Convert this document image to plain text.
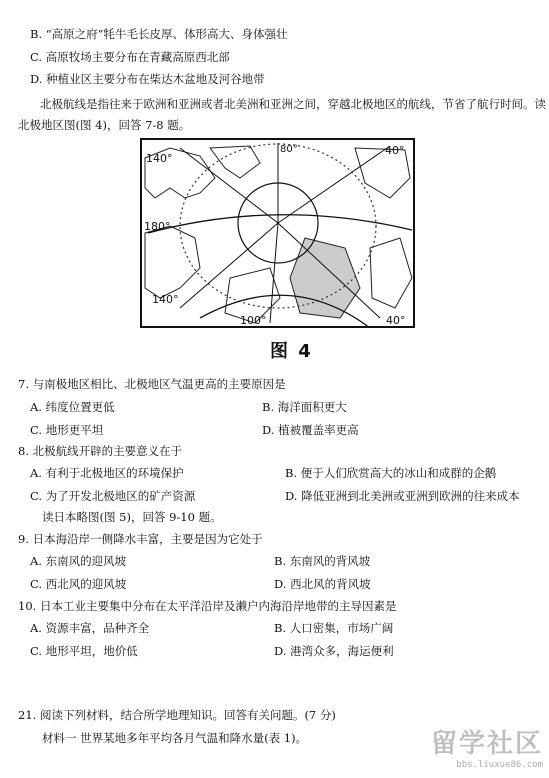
B. “高原之府”牦牛毛长皮厚、体形高大、身体强壮
C. 高原牧场主要分布在青藏高原西北部
D. 种植业区主要分布在柴达木盆地及河谷地带
北极航线是指往来于欧洲和亚洲或者北美洲和亚洲之间，穿越北极地区的航线，节省了航行时间。读
北极地区图(图 4)，回答 7-8 题。
140°
80°	40°
180°
140°
100°	40°
图 4
7. 与南极地区相比、北极地区气温更高的主要原因是
A. 纬度位置更低	B. 海洋面积更大
C. 地形更平坦	D. 植被覆盖率更高
8. 北极航线开辟的主要意义在于
A. 有利于北极地区的环境保护	B. 便于人们欣赏高大的冰山和成群的企鹅
C. 为了开发北极地区的矿产资源	D. 降低亚洲到北美洲或亚洲到欧洲的往来成本
读日本略图(图 5)，回答 9-10 题。
9. 日本海沿岸一侧降水丰富，主要是因为它处于
A. 东南风的迎风坡	B. 东南风的背风坡
C. 西北风的迎风坡	D. 西北风的背风坡
10. 日本工业主要集中分布在太平洋沿岸及濑户内海沿岸地带的主导因素是
A. 资源丰富，品种齐全	B. 人口密集，市场广阔
C. 地形平坦，地价低	D. 港湾众多，海运便利
21. 阅读下列材料，结合所学地理知识。回答有关问题。(7 分)
材料一 世界某地多年平均各月气温和降水量(表 1)。	留学社区
bbs.liuxue86.com
